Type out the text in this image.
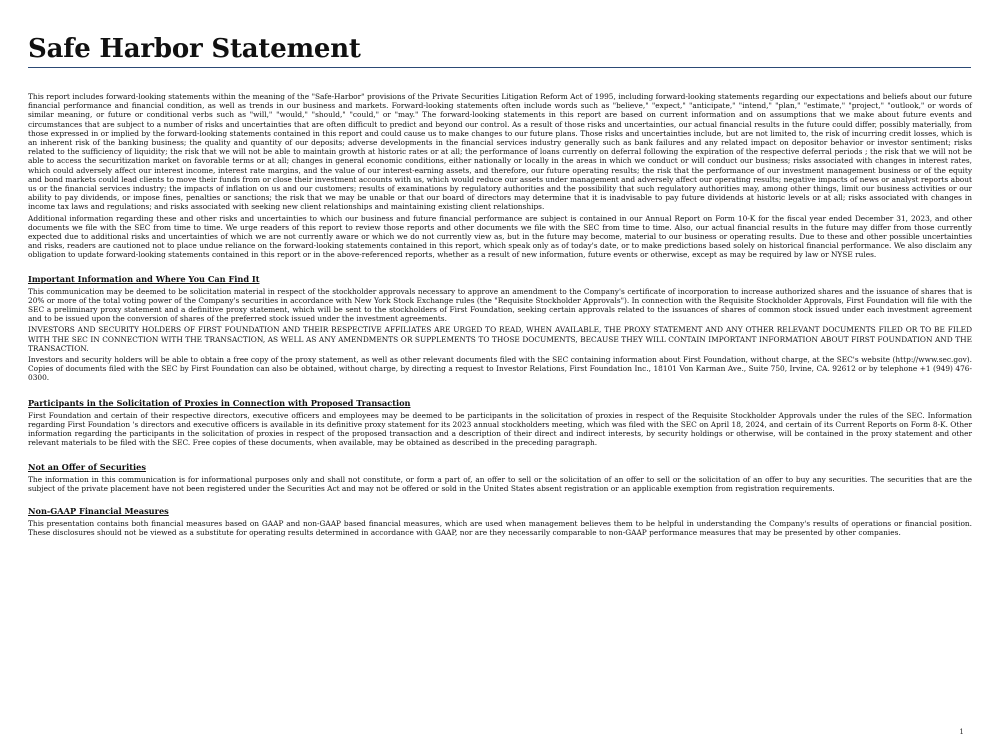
Safe Harbor Statement

This report includes forward-looking statements within the meaning of the "Safe-Harbor" provisions of the Private Securities Litigation Reform Act of 1995, including forward-looking statements regarding our expectations and beliefs about our future financial performance and financial condition, as well as trends in our business and markets. Forward-looking statements often include words such as "believe," "expect," "anticipate," "intend," "plan," "estimate," "project," "outlook," or words of similar meaning, or future or conditional verbs such as "will," "would," "should," "could," or "may." The forward-looking statements in this report are based on current information and on assumptions that we make about future events and circumstances that are subject to a number of risks and uncertainties that are often difficult to predict and beyond our control. As a result of those risks and uncertainties, our actual financial results in the future could differ, possibly materially, from those expressed in or implied by the forward-looking statements contained in this report and could cause us to make changes to our future plans. Those risks and uncertainties include, but are not limited to, the risk of incurring credit losses, which is an inherent risk of the banking business; the quality and quantity of our deposits; adverse developments in the financial services industry generally such as bank failures and any related impact on depositor behavior or investor sentiment; risks related to the sufficiency of liquidity; the risk that we will not be able to maintain growth at historic rates or at all; the performance of loans currently on deferral following the expiration of the respective deferral periods ; the risk that we will not be able to access the securitization market on favorable terms or at all; changes in general economic conditions, either nationally or locally in the areas in which we conduct or will conduct our business; risks associated with changes in interest rates, which could adversely affect our interest income, interest rate margins, and the value of our interest-earning assets, and therefore, our future operating results; the risk that the performance of our investment management business or of the equity and bond markets could lead clients to move their funds from or close their investment accounts with us, which would reduce our assets under management and adversely affect our operating results; negative impacts of news or analyst reports about us or the financial services industry; the impacts of inflation on us and our customers; results of examinations by regulatory authorities and the possibility that such regulatory authorities may, among other things, limit our business activities or our ability to pay dividends, or impose fines, penalties or sanctions; the risk that we may be unable or that our board of directors may determine that it is inadvisable to pay future dividends at historic levels or at all; risks associated with changes in income tax laws and regulations; and risks associated with seeking new client relationships and maintaining existing client relationships.

Additional information regarding these and other risks and uncertainties to which our business and future financial performance are subject is contained in our Annual Report on Form 10-K for the fiscal year ended December 31, 2023, and other documents we file with the SEC from time to time. We urge readers of this report to review those reports and other documents we file with the SEC from time to time. Also, our actual financial results in the future may differ from those currently expected due to additional risks and uncertainties of which we are not currently aware or which we do not currently view as, but in the future may become, material to our business or operating results. Due to these and other possible uncertainties and risks, readers are cautioned not to place undue reliance on the forward-looking statements contained in this report, which speak only as of today's date, or to make predictions based solely on historical financial performance. We also disclaim any obligation to update forward-looking statements contained in this report or in the above-referenced reports, whether as a result of new information, future events or otherwise, except as may be required by law or NYSE rules.

Important Information and Where You Can Find It

This communication may be deemed to be solicitation material in respect of the stockholder approvals necessary to approve an amendment to the Company's certificate of incorporation to increase authorized shares and the issuance of shares that is 20% or more of the total voting power of the Company's securities in accordance with New York Stock Exchange rules (the "Requisite Stockholder Approvals"). In connection with the Requisite Stockholder Approvals, First Foundation will file with the SEC a preliminary proxy statement and a definitive proxy statement, which will be sent to the stockholders of First Foundation, seeking certain approvals related to the issuances of shares of common stock issued under each investment agreement and to be issued upon the conversion of shares of the preferred stock issued under the investment agreements.

INVESTORS AND SECURITY HOLDERS OF FIRST FOUNDATION AND THEIR RESPECTIVE AFFILIATES ARE URGED TO READ, WHEN AVAILABLE, THE PROXY STATEMENT AND ANY OTHER RELEVANT DOCUMENTS FILED OR TO BE FILED WITH THE SEC IN CONNECTION WITH THE TRANSACTION, AS WELL AS ANY AMENDMENTS OR SUPPLEMENTS TO THOSE DOCUMENTS, BECAUSE THEY WILL CONTAIN IMPORTANT INFORMATION ABOUT FIRST FOUNDATION AND THE TRANSACTION.

Investors and security holders will be able to obtain a free copy of the proxy statement, as well as other relevant documents filed with the SEC containing information about First Foundation, without charge, at the SEC's website (http://www.sec.gov). Copies of documents filed with the SEC by First Foundation can also be obtained, without charge, by directing a request to Investor Relations, First Foundation Inc., 18101 Von Karman Ave., Suite 750, Irvine, CA. 92612 or by telephone +1 (949) 476-0300.

Participants in the Solicitation of Proxies in Connection with Proposed Transaction

First Foundation and certain of their respective directors, executive officers and employees may be deemed to be participants in the solicitation of proxies in respect of the Requisite Stockholder Approvals under the rules of the SEC. Information regarding First Foundation 's directors and executive officers is available in its definitive proxy statement for its 2023 annual stockholders meeting, which was filed with the SEC on April 18, 2024, and certain of its Current Reports on Form 8-K. Other information regarding the participants in the solicitation of proxies in respect of the proposed transaction and a description of their direct and indirect interests, by security holdings or otherwise, will be contained in the proxy statement and other relevant materials to be filed with the SEC. Free copies of these documents, when available, may be obtained as described in the preceding paragraph.

Not an Offer of Securities

The information in this communication is for informational purposes only and shall not constitute, or form a part of, an offer to sell or the solicitation of an offer to sell or the solicitation of an offer to buy any securities. The securities that are the subject of the private placement have not been registered under the Securities Act and may not be offered or sold in the United States absent registration or an applicable exemption from registration requirements.

Non-GAAP Financial Measures

This presentation contains both financial measures based on GAAP and non-GAAP based financial measures, which are used when management believes them to be helpful in understanding the Company's results of operations or financial position. These disclosures should not be viewed as a substitute for operating results determined in accordance with GAAP, nor are they necessarily comparable to non-GAAP performance measures that may be presented by other companies.

1
